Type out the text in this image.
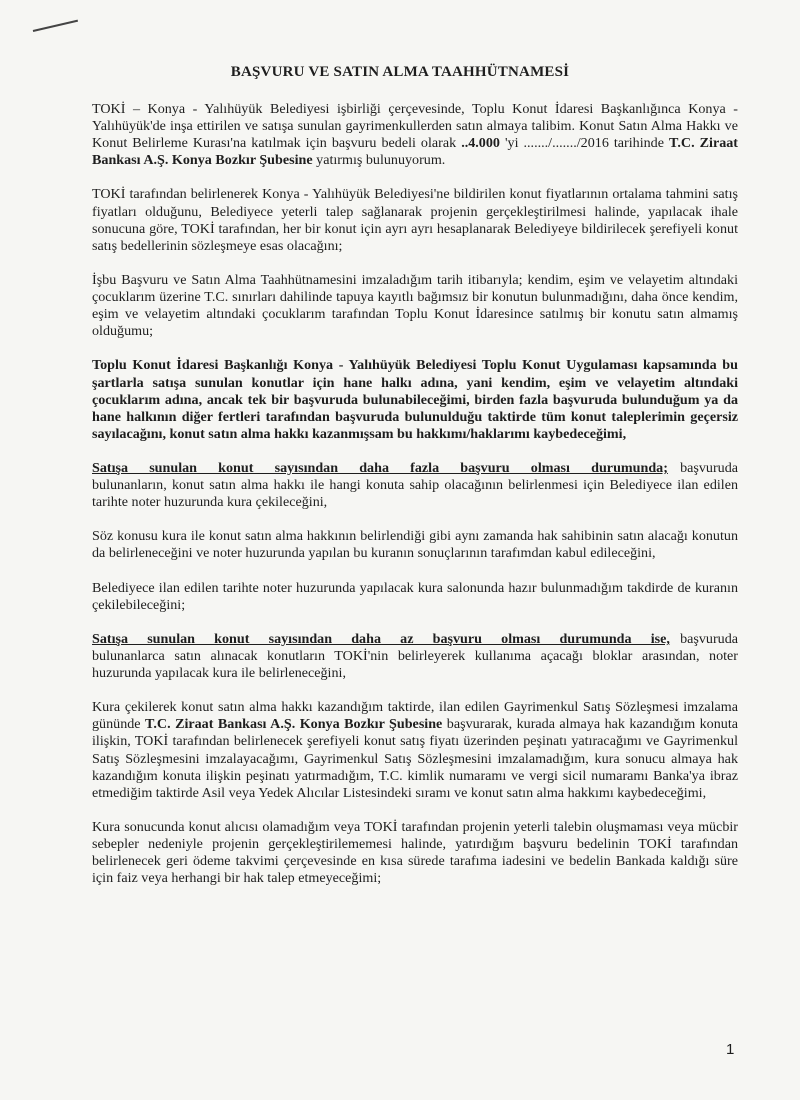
BAŞVURU VE SATIN ALMA TAAHHÜTNAMESİ

TOKİ – Konya - Yalıhüyük Belediyesi işbirliği çerçevesinde, Toplu Konut İdaresi Başkanlığınca Konya - Yalıhüyük'de inşa ettirilen ve satışa sunulan gayrimenkullerden satın almaya talibim. Konut Satın Alma Hakkı ve Konut Belirleme Kurası'na katılmak için başvuru bedeli olarak ..4.000 'yi ......./......./2016 tarihinde T.C. Ziraat Bankası A.Ş. Konya Bozkır Şubesine yatırmış bulunuyorum.

TOKİ tarafından belirlenerek Konya - Yalıhüyük Belediyesi'ne bildirilen konut fiyatlarının ortalama tahmini satış fiyatları olduğunu, Belediyece yeterli talep sağlanarak projenin gerçekleştirilmesi halinde, yapılacak ihale sonucuna göre, TOKİ tarafından, her bir konut için ayrı ayrı hesaplanarak Belediyeye bildirilecek şerefiyeli konut satış bedellerinin sözleşmeye esas olacağını;

İşbu Başvuru ve Satın Alma Taahhütnamesini imzaladığım tarih itibarıyla; kendim, eşim ve velayetim altındaki çocuklarım üzerine T.C. sınırları dahilinde tapuya kayıtlı bağımsız bir konutun bulunmadığını, daha önce kendim, eşim ve velayetim altındaki çocuklarım tarafından Toplu Konut İdaresince satılmış bir konutu satın almamış olduğumu;

Toplu Konut İdaresi Başkanlığı Konya - Yalıhüyük Belediyesi Toplu Konut Uygulaması kapsamında bu şartlarla satışa sunulan konutlar için hane halkı adına, yani kendim, eşim ve velayetim altındaki çocuklarım adına, ancak tek bir başvuruda bulunabileceğimi, birden fazla başvuruda bulunduğum ya da hane halkının diğer fertleri tarafından başvuruda bulunulduğu taktirde tüm konut taleplerimin geçersiz sayılacağını, konut satın alma hakkı kazanmışsam bu hakkımı/haklarımı kaybedeceğimi,

Satışa sunulan konut sayısından daha fazla başvuru olması durumunda; başvuruda bulunanların, konut satın alma hakkı ile hangi konuta sahip olacağının belirlenmesi için Belediyece ilan edilen tarihte noter huzurunda kura çekileceğini,

Söz konusu kura ile konut satın alma hakkının belirlendiği gibi aynı zamanda hak sahibinin satın alacağı konutun da belirleneceğini ve noter huzurunda yapılan bu kuranın sonuçlarının tarafımdan kabul edileceğini,

Belediyece ilan edilen tarihte noter huzurunda yapılacak kura salonunda hazır bulunmadığım takdirde de kuranın çekilebileceğini;

Satışa sunulan konut sayısından daha az başvuru olması durumunda ise, başvuruda bulunanlarca satın alınacak konutların TOKİ'nin belirleyerek kullanıma açacağı bloklar arasından, noter huzurunda yapılacak kura ile belirleneceğini,

Kura çekilerek konut satın alma hakkı kazandığım taktirde, ilan edilen Gayrimenkul Satış Sözleşmesi imzalama gününde T.C. Ziraat Bankası A.Ş. Konya Bozkır Şubesine başvurarak, kurada almaya hak kazandığım konuta ilişkin, TOKİ tarafından belirlenecek şerefiyeli konut satış fiyatı üzerinden peşinatı yatıracağımı ve Gayrimenkul Satış Sözleşmesini imzalayacağımı, Gayrimenkul Satış Sözleşmesini imzalamadığım, kura sonucu almaya hak kazandığım konuta ilişkin peşinatı yatırmadığım, T.C. kimlik numaramı ve vergi sicil numaramı Banka'ya ibraz etmediğim taktirde Asil veya Yedek Alıcılar Listesindeki sıramı ve konut satın alma hakkımı kaybedeceğimi,

Kura sonucunda konut alıcısı olamadığım veya TOKİ tarafından projenin yeterli talebin oluşmaması veya mücbir sebepler nedeniyle projenin gerçekleştirilememesi halinde, yatırdığım başvuru bedelinin TOKİ tarafından belirlenecek geri ödeme takvimi çerçevesinde en kısa sürede tarafıma iadesini ve bedelin Bankada kaldığı süre için faiz veya herhangi bir hak talep etmeyeceğimi;

1
